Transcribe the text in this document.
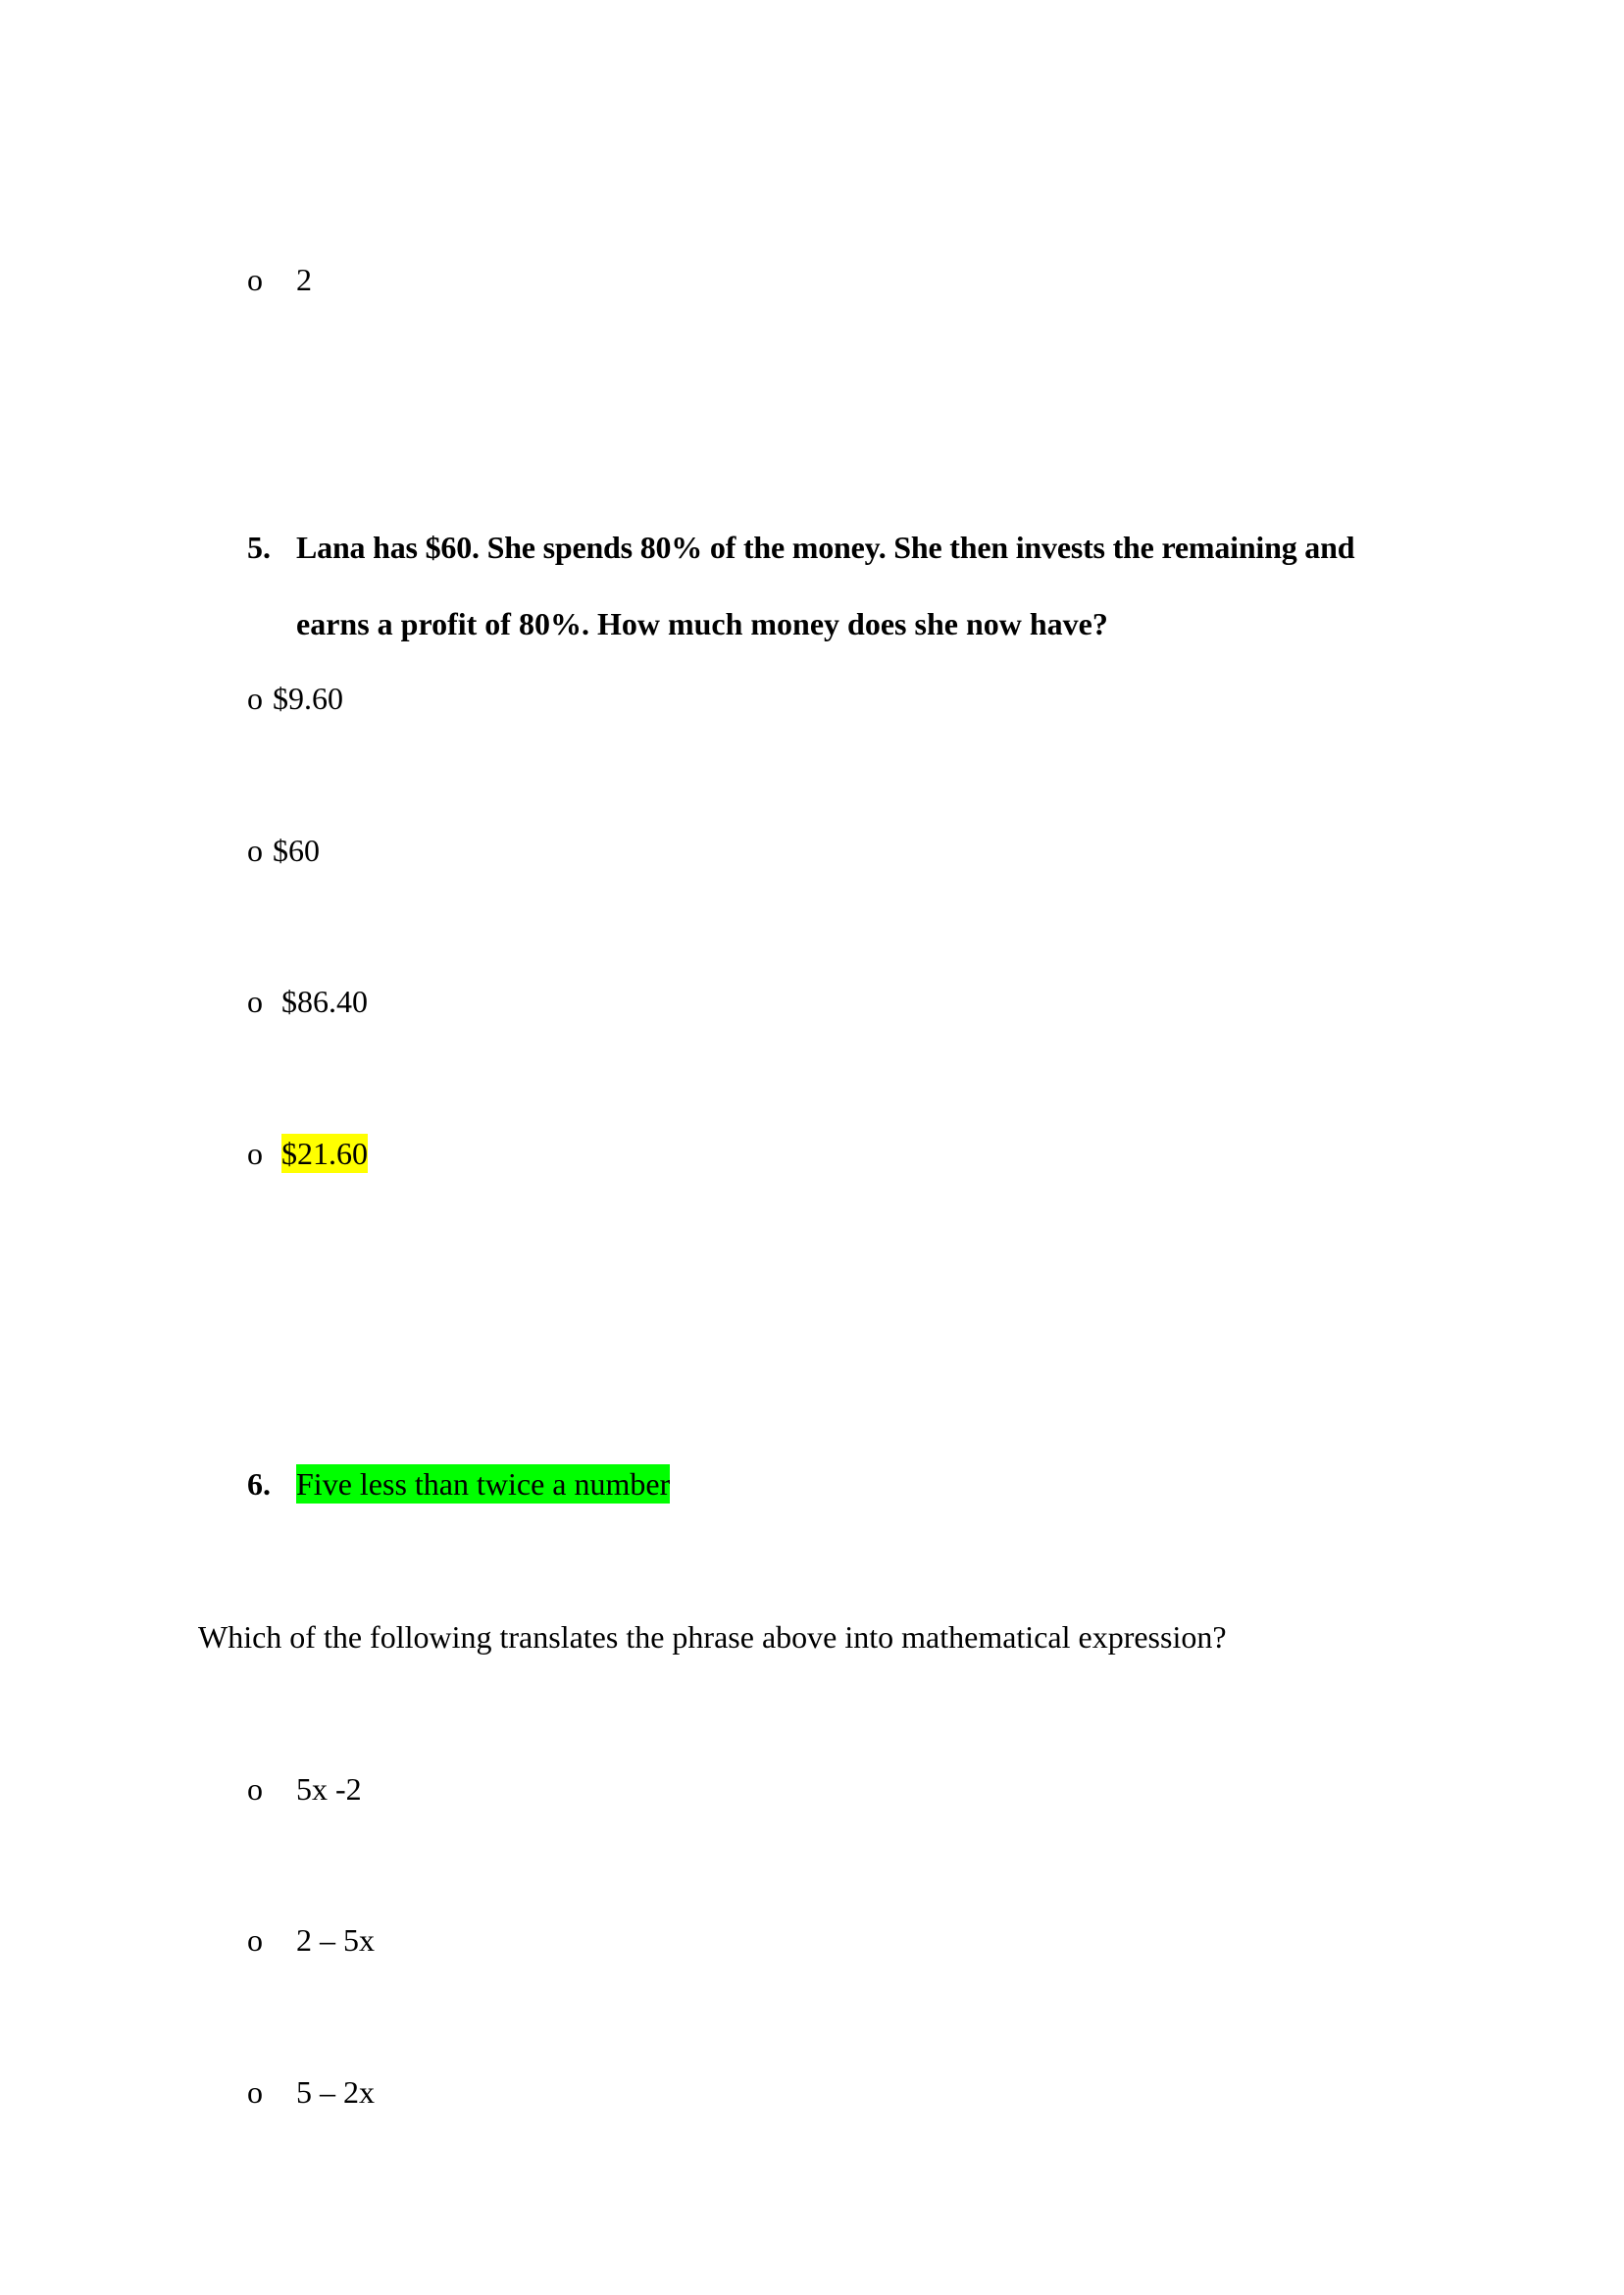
o 2
5. Lana has $60. She spends 80% of the money. She then invests the remaining and
earns a profit of 80%. How much money does she now have?
o $9.60
o $60
o $86.40
o $21.60
6. Five less than twice a number
Which of the following translates the phrase above into mathematical expression?
o 5x -2
o 2 – 5x
o 5 – 2x
